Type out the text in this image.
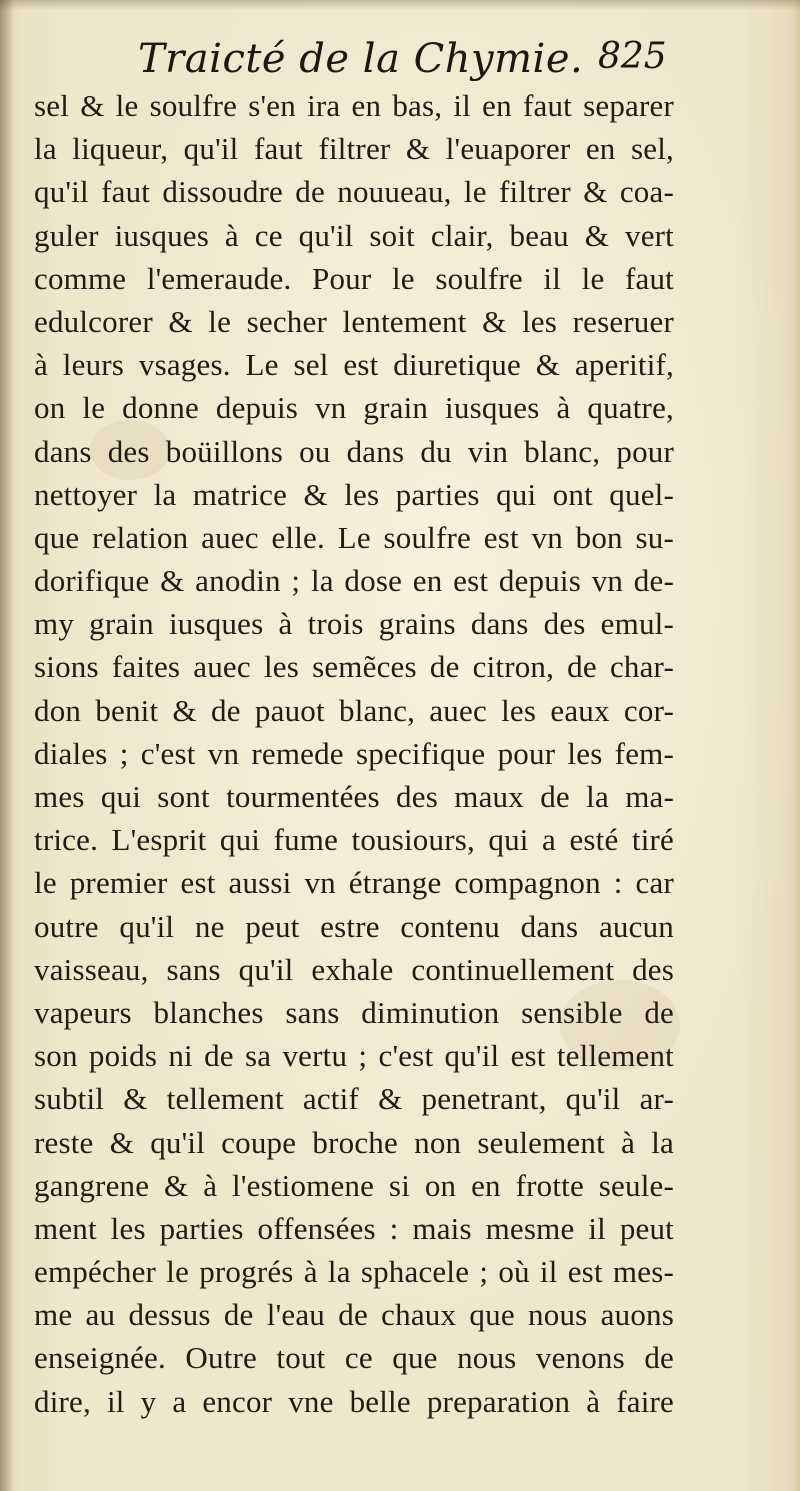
Traicté de la Chymie. 825
sel & le soulfre s'en ira en bas, il en faut separer
la liqueur, qu'il faut filtrer & l'euaporer en sel,
qu'il faut dissoudre de nouueau, le filtrer & coa-
guler iusques à ce qu'il soit clair, beau & vert
comme l'emeraude. Pour le soulfre il le faut
edulcorer & le secher lentement & les reseruer
à leurs vsages. Le sel est diuretique & aperitif,
on le donne depuis vn grain iusques à quatre,
dans des boüillons ou dans du vin blanc, pour
nettoyer la matrice & les parties qui ont quel-
que relation auec elle. Le soulfre est vn bon su-
dorifique & anodin ; la dose en est depuis vn de-
my grain iusques à trois grains dans des emul-
sions faites auec les semẽces de citron, de char-
don benit & de pauot blanc, auec les eaux cor-
diales ; c'est vn remede specifique pour les fem-
mes qui sont tourmentées des maux de la ma-
trice. L'esprit qui fume tousiours, qui a esté tiré
le premier est aussi vn étrange compagnon : car
outre qu'il ne peut estre contenu dans aucun
vaisseau, sans qu'il exhale continuellement des
vapeurs blanches sans diminution sensible de
son poids ni de sa vertu ; c'est qu'il est tellement
subtil & tellement actif & penetrant, qu'il ar-
reste & qu'il coupe broche non seulement à la
gangrene & à l'estiomene si on en frotte seule-
ment les parties offensées : mais mesme il peut
empécher le progrés à la sphacele ; où il est mes-
me au dessus de l'eau de chaux que nous auons
enseignée. Outre tout ce que nous venons de
dire, il y a encor vne belle preparation à faire
